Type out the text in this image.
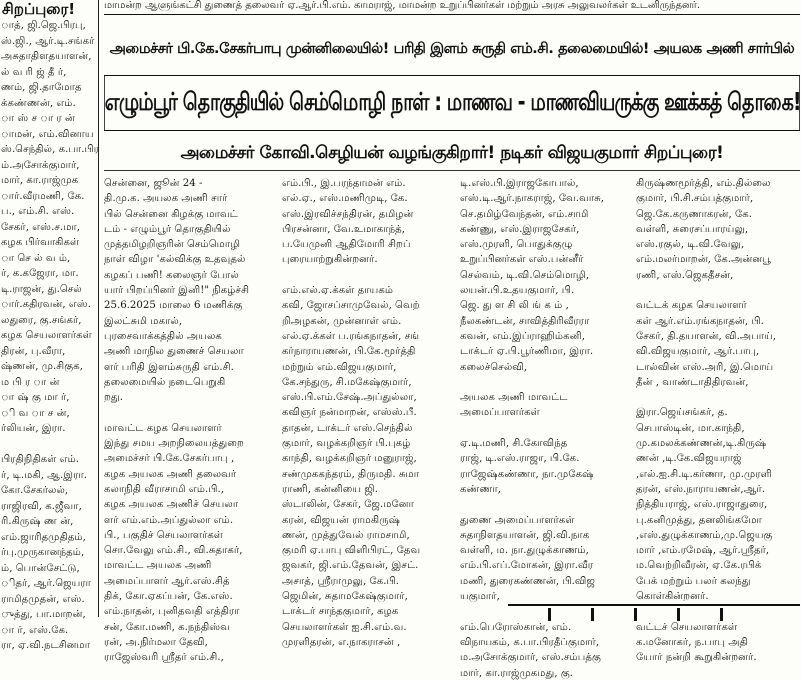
சிறப்புரை!
ாத், ஜி.ஜெ.பிரபு,
ஸ்.ஜி., ஆர்.டி.சங்கர்
அசுதாதிளதயாளன்,
ல் வ ரி ஜ் தீ ர்,
ணம், ஜி.தாமோத
க்கண்ணன், எம்.
ா ஸ் ச ா ர ன்
ாமன், எம்.வினாய
ஸ்.செந்தில், க.பா.பிர
ம்.அசோக்குமார்,
மார், கா.ராஜ்முக
ார்.வீரமணி, கே.
ப., எம்.சி. எஸ்.
சேகர், எஸ்.ச.மா,
கழக பிர்வாகிகள்
ா செ ல் வ ம்,
ர், க.கஜேரா, மா.
டி.ராஜன், து.செல்
ார்.கதிரவன், எஸ்.
லதுரை, கு.சங்கர்,
கழக செயலாளர்கள்
திரன், பு.வீரா,
ஷ்ணன், மு.சிகுக,
ம பி ர ா ன்
ா ஷ் கு மா ர்,
ி வ ா ச ன்,
ர்லியன், இரா.

பிரதிநிதிகள் எம்.
ர், டி.மகி, ஆ.இரா.
கோ.சேகர்லல்,
ராஜிரவி, க.ஜீவா,
ரி.கிருஷ் ண ன்,
எம்.ஜாரிதமுதிதம்,
ர்பு.முருகானந்தம்,
ம், பொன்சேட்டு,
ிதர், ஆர்.ஜெயரா
ராமிதமுதன், எஸ்.
ுத்து, பா.மாறன்,
ா ர், எஸ்.கே.
ரா, ஏ.வி.நடசினமா
மாமன்ற ஆளுங்கட்சி துணைத் தலைவர் ஏ.ஆர்.பி.எம். காமராஜ், மாமன்ற உறுப்பினர்கள் மற்றும் அரசு அலுவலர்கள் உடனிருந்தனர்.
அமைச்சர் பி.கே.சேகர்பாபு முன்னிலையில்! பரிதி இளம் சுருதி எம்.சி. தலைமையில்! அயலக அணி சார்பில்
எழும்பூர் தொகுதியில் செம்மொழி நாள் : மாணவ - மாணவியருக்கு ஊக்கத் தொகை!
அமைச்சர் கோவி.செழியன் வழங்குகிறார்! நடிகர் விஜயகுமார் சிறப்புரை!
சென்னை, ஜூன் 24 -
தி.மு.க. அயலக அணி சார்
பில் சென்னை கிழக்கு மாவட்
டம் - எழும்பூர் தொகுதியில்
முத்தமிழறிஞரின் செம்மொழி
நாள் விழா 'கல்விக்கு உதவுதல்
கழகப் பணி! கலைஞர் போல்
யார் பிறப்பினர் இனி!" நிகழ்ச்சி
25.6.2025 மாலை 6 மணிக்கு
இலட்சுமி மகால்,
புரசைவாக்கத்தில் அயலக
அணி மாநில துணைச் செயலா
ளர் பரிதி இளம்சுருதி எம்.சி.
தலைமையில் நடைபெறுகி
றது.

மாவட்ட கழக செயலாளர்
இந்து சமய அறநிலையத்துறை
அமைச்சர் பி.கே.சேகர்பாபு ,
கழக அயலக அணி தலைவர்
கலாநிதி வீராசாமி எம்.பி.,
கழக அயலக அணிச் செயலா
ளர் எம்.எம்.அப்துல்லா எம்.
பி., பகுதிச் செயலாளர்கள்
சொ.வேலு எம்.சி., வி.சுதாகர்,
மாவட்ட அயலக அணி
அமைப்பாளர் ஆர்.எஸ்.சித்
திக், கோ.ஏகப்பன், கே.எஸ்.
எம்.நாதன், புனிதவதி எத்திரா
சன், கோ.மணி, க.நந்திஸ்வ
ரன், அ.நிர்மலா தேவி,
ராஜேஸ்வரி ஸ்ரீதர் எம்.சி.,
எம்.பி., இ.பரந்தாமன் எம்.
எல்.ஏ., எஸ்.மணிமுடி, கே.
எஸ்.இரவிச்சந்திரன், தமிழன்
பிரசன்னா, வே.உமாகாந்த்,
ப.யேமுனி ஆதிமோரி சிறப்
புரையாற்றுகின்றனர்.

எம்.எல்.ஏ.க்கள் தாயகம்
கவி, ஜோசப்சாமுவேல், வெற்
றிஅழகன், முன்னாள் எம்.
எல்.ஏ.க்கள் ப.ரங்கநாதன், சங்
கர்நாராயணன், பி.கே.மூர்த்தி
மற்றும் எம்.விஜயகுமார்,
கே.சந்துரு, சி.மகேஷ்குமார்,
எஸ்.பி.எம்.சேஷ்.அப்துல்லா,
கவிஞர் நன்மாறன், எஸ்ஸ்.பீ.
தாதன், டாக்டர் எஸ்.செந்தில்
குமார், வழக்கறிஞர் பி.புகழ்
காந்தி, வழக்கறிஞர் மனுராஜ்,
சண்முககந்தரம், திருமதி. சுமா
ராணி, கன்னியை ஜி.
ஸ்டாலின், சேகர், ஜே.மனோ
கரன், விஜயன் ராமகிருஷ்
ணன், முத்துவேல் ராமசாமி,
குமரி ஏ.பாபு விளிபிரட், தேவ
ஜவகர், ஜி.எம்.தேவன், இசட்.
அசாத், ஸ்ரீராமுலு, கே.பி.
ஜெமின், சுதாமகேஷ்குமார்,
டாக்டர் சாந்தகுமார், கழக
செயலாளர்கள் ஐ.சி.எம்.வ.
முரளிதரன், எ.நாகராசன் ,
டி.எஸ்.பி.இராஜகோபால்,
எஸ்.டி.ஆர்.நாகராஜ், வே.வாசு,
செ.தமிழ்வேந்தன், எம்.சாமி
கண்ணு, எஸ்.இராஜசேகர்,
எஸ்.முரளி, பொதுக்குழு
உறுப்பினர்கள் எஸ்.பன்னீர்
செல்வம், டி.வி.செம்மொழி,
லயன்.பி.உதயகுமார், பி.
ஜெ. து ள சி லி ங் க ம் ,
நீலகண்டன், சாவித்திரிவீரரா
கவன், எம்.இப்ராஹிம்கனி,
டாக்டர் ஏ.பி.பூர்ணிமா, இரா.
கலைச்செல்வி,

அயலக அணி மாவட்ட
அமைப்பாளர்கள்

ஏ.டி.மணி, சி.கோவிந்த
ராஜ், டி.எஸ்.ராஜா, பி.கே.
ராஜேஷ்கண்ணா, நா.முகேஷ்
கண்ணா,

துணை அமைப்பாளர்கள்
சுதாநிளதயாளன், ஜி.வி.நாக
வள்ளி, ம. நா.துழுக்காணம்,
எம்.பி.எப்.மோகன், இரா.வீர
மணி, துரைகண்ணன், பி.விஜ
யகுமார்,

எம்.பெரோஸ்கான், எம்.
விநாயகம், க.பா.பிரதீப்குமார்,
ம.அசோக்குமார், எஸ்.சம்பத்கு
மார், கா.ராஜ்முகமது, கு.
கிருஷ்ணமூர்த்தி, எம்.தில்லை
குமார், பி.சி.சம்பத்குமார்,
ஜெ.கே.கருணாகரன், கே.
வள்ளி, சுரைசப்பாரய்லு,
எஸ்.ரகுல், டி.வி.வேலு,
எம்.மலர்மாறன், கே.அன்னபூ
ரணி, எஸ்.ஜெகதீசன்,

வட்டக் கழக செயலாளர்
கள் ஆர்.எம்.ரங்கநாதன், பி.
சேகர், தி.தயாளன், வி.அபாய்,
வி.விஜயகுமார், ஆர்.பாபு,
டால்வின் எஸ்.அரி, இ.மொய்
தீன் , வாண்டாதிதிரவன்,

இரா.ஜெய்சங்கர், த.
செபாஸ்டின், மா.காந்தி,
மு.கமலக்கண்ணன்,டி.கிருஷ்
ணன் ,டி.கே.விஜயராஜ்
,எல்.ஐ.சி.டி.கர்ணா, மு.முரளி
தரன், எஸ்.நாராயணன்,ஆர்.
நித்தியராஜ், எஸ்.ராஜாதுரை,
பு.கனிமுத்து, தனலிங்கமோ
,எஸ்.துழுக்காணம்,மு.ஜெயகு
மார் ,எம்.ரமேஷ், ஆர்.ஸ்ரீதர்,
ம.வெற்றிவீரன், ஏ.கே.ரபிக்
பேக் மற்றும் பலர் கலந்து
கொள்கின்றனர்.

வட்டச் செயலாளர்கள்
க.மனோகர், ந.பாபு அதி
யோர் நன்றி கூறுகின்றனர்.
